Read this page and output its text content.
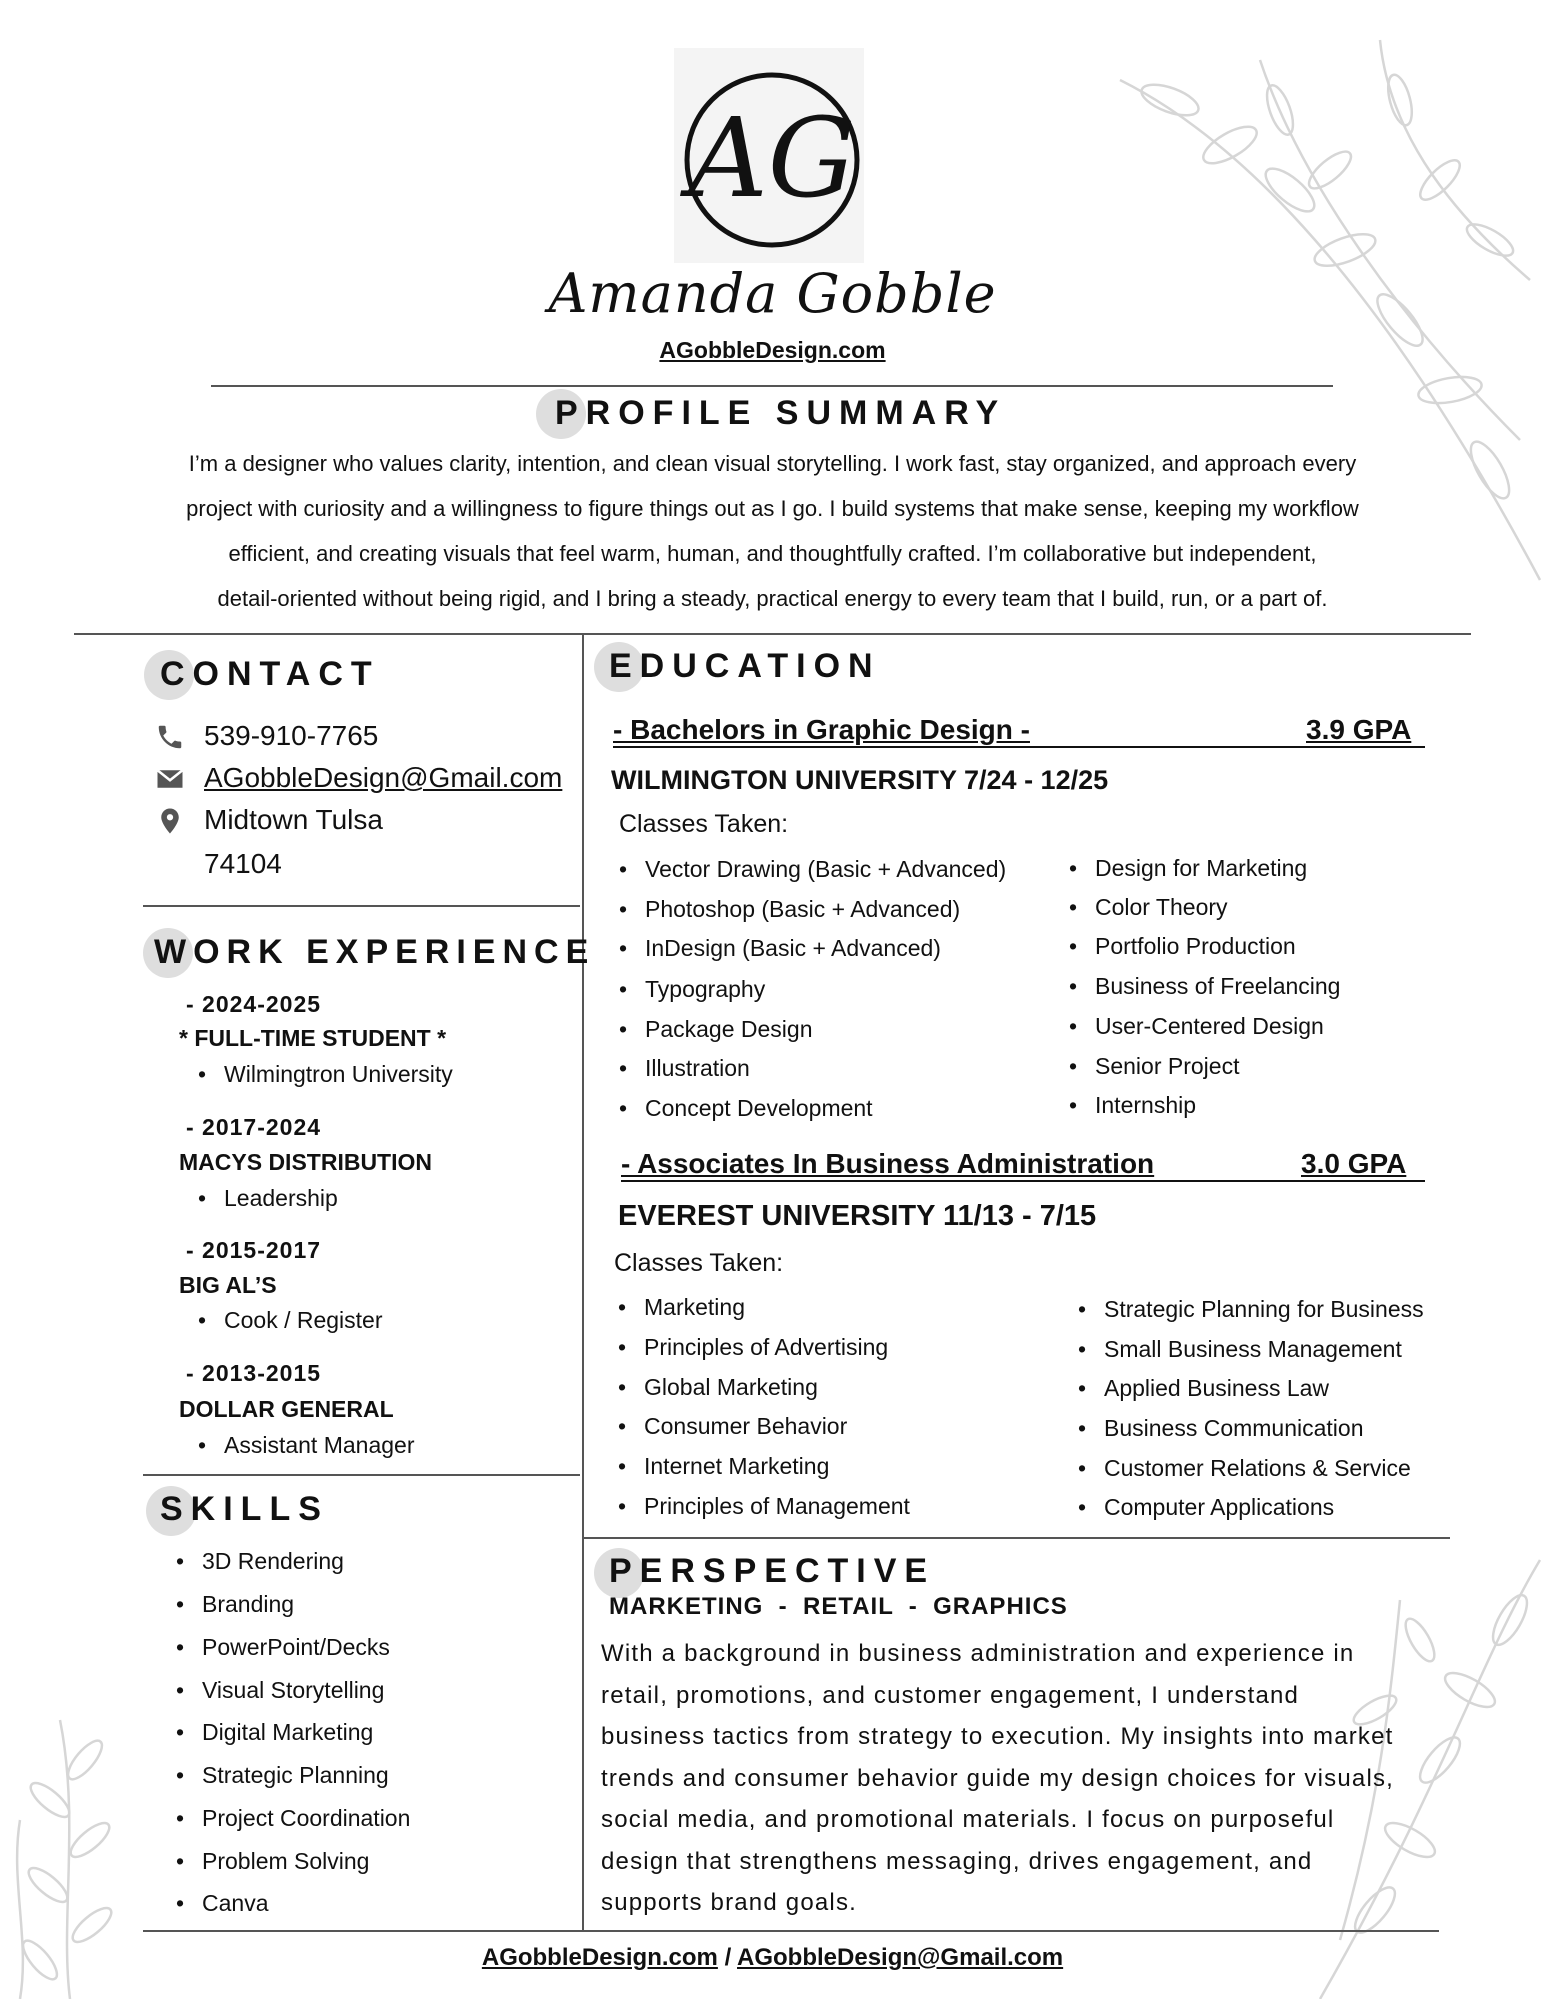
AG
Amanda Gobble
AGobbleDesign.com
PROFILE SUMMARY
I’m a designer who values clarity, intention, and clean visual storytelling. I work fast, stay organized, and approach every
project with curiosity and a willingness to figure things out as I go. I build systems that make sense, keeping my workflow
efficient, and creating visuals that feel warm, human, and thoughtfully crafted. I’m collaborative but independent,
detail-oriented without being rigid, and I bring a steady, practical energy to every team that I build, run, or a part of.
CONTACT
539-910-7765
AGobbleDesign@Gmail.com
Midtown Tulsa
74104
WORK EXPERIENCE
- 2024-2025
* FULL-TIME STUDENT *
• Wilmingtron University
- 2017-2024
MACYS DISTRIBUTION
• Leadership
- 2015-2017
BIG AL’S
• Cook / Register
- 2013-2015
DOLLAR GENERAL
• Assistant Manager
SKILLS
• 3D Rendering
• Branding
• PowerPoint/Decks
• Visual Storytelling
• Digital Marketing
• Strategic Planning
• Project Coordination
• Problem Solving
• Canva
EDUCATION
- Bachelors in Graphic Design -	3.9 GPA
WILMINGTON UNIVERSITY 7/24 - 12/25
Classes Taken:
• Vector Drawing (Basic + Advanced)
• Photoshop (Basic + Advanced)
• InDesign (Basic + Advanced)
• Typography
• Package Design
• Illustration
• Concept Development
• Design for Marketing
• Color Theory
• Portfolio Production
• Business of Freelancing
• User-Centered Design
• Senior Project
• Internship
- Associates In Business Administration	3.0 GPA
EVEREST UNIVERSITY 11/13 - 7/15
Classes Taken:
• Marketing
• Principles of Advertising
• Global Marketing
• Consumer Behavior
• Internet Marketing
• Principles of Management
• Strategic Planning for Business
• Small Business Management
• Applied Business Law
• Business Communication
• Customer Relations & Service
• Computer Applications
PERSPECTIVE
MARKETING  -  RETAIL  -  GRAPHICS
With a background in business administration and experience in
retail, promotions, and customer engagement, I understand
business tactics from strategy to execution. My insights into market
trends and consumer behavior guide my design choices for visuals,
social media, and promotional materials. I focus on purposeful
design that strengthens messaging, drives engagement, and
supports brand goals.
AGobbleDesign.com / AGobbleDesign@Gmail.com
